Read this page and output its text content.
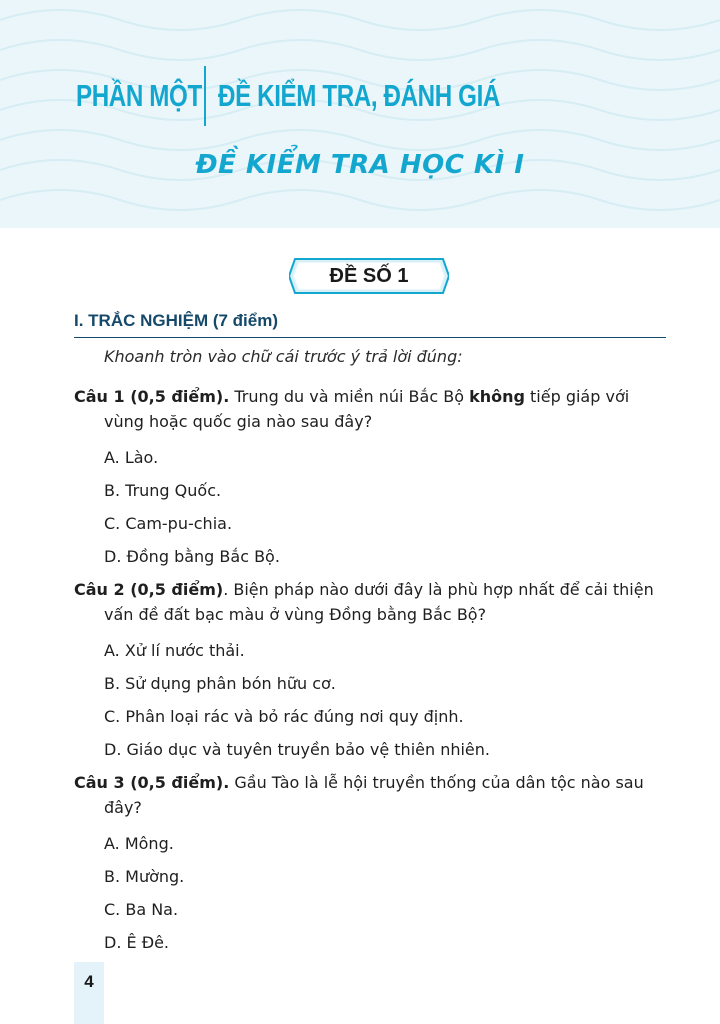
PHẦN MỘT ĐỀ KIỂM TRA, ĐÁNH GIÁ
ĐỀ KIỂM TRA HỌC KÌ I
ĐỀ SỐ 1
I. TRẮC NGHIỆM (7 điểm)

Khoanh tròn vào chữ cái trước ý trả lời đúng:

Câu 1 (0,5 điểm). Trung du và miền núi Bắc Bộ không tiếp giáp với vùng hoặc quốc gia nào sau đây?

A. Lào.

B. Trung Quốc.

C. Cam-pu-chia.

D. Đồng bằng Bắc Bộ.

Câu 2 (0,5 điểm). Biện pháp nào dưới đây là phù hợp nhất để cải thiện vấn đề đất bạc màu ở vùng Đồng bằng Bắc Bộ?

A. Xử lí nước thải.

B. Sử dụng phân bón hữu cơ.

C. Phân loại rác và bỏ rác đúng nơi quy định.

D. Giáo dục và tuyên truyền bảo vệ thiên nhiên.

Câu 3 (0,5 điểm). Gầu Tào là lễ hội truyền thống của dân tộc nào sau đây?

A. Mông.

B. Mường.

C. Ba Na.

D. Ê Đê.

4
